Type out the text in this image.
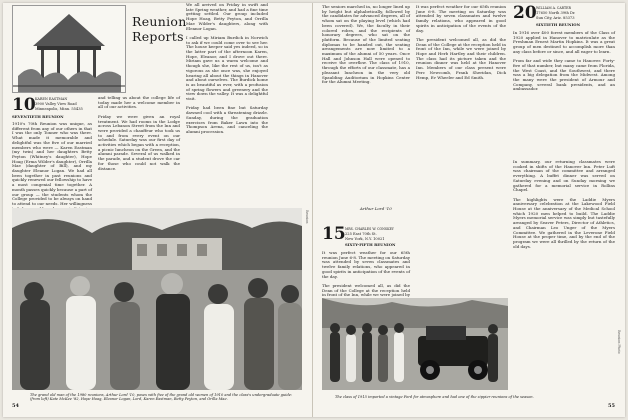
Reunion Reports
10 KAREN EASTMAN
3900 Valley View Road
Minneapolis, Minn. 55435
SEVENTIETH REUNION
1910's 70th Reunion was unique, as different from any of our others in that I was the only Tonner who was there. What made it memorable and delightful was the five of our married members who were — Karen Eastman (my twin) and her daughters Betty Peyton (Whitney's daughter), Hope Hoag (Erma Wilder's daughter), Orrilla Mae (daughter of Bill), and my daughter Eleanor Logan. We had all been together in past reunions and quickly renewed our fellowship to have a most congenial time together. A month passes quickly because a part of our group — the students whom the College provided to be always on hand to attend to our needs. Her willingness
and telling us about the college life of today made her a welcome member in all of our activities.

Friday we were given an royal treatment. We had rooms in the Lodge across Lebanon Street from the Inn and were provided a chauffeur who took us to and from every event on our schedule. Saturday was our first day of activities which began with a reception, a picnic luncheon on the Green, and the alumni parade. Several of us walked in the parade, and a student drove the car for those who could not walk the distance.
We all arrived on Friday in swift and late Spring weather, and had a fine time getting settled. Our group included Hope Hoag, Betty Peyton, and Orrilla Mae Wilder's daughters, along with Eleanor Logan.

I called up Miriam Burdick in Norwich to ask if we could come over to see her. The house keeper said yes indeed, so in the latter part of the afternoon Karen, Hope, Eleanor, and I drove out there. Miriam gave us a warm welcome and though she, like the rest of us, isn't as vigorous as she once was, she enjoyed hearing all about the things in Hanover and about ourselves. The Burdick home is as beautiful as ever, with a profusion of spring flowers and greenery and the view down the valley. It was a delightful visit.

Friday had been fine but Saturday dawned cool with a threatening drizzle. Sunday, during the graduation exercises from Baker Lawn into the Thompson Arena, and canceling the alumni procession.
Reunion
The grand old man of the 1980 reunions, Arthur Lord '10, poses with five of the grand old women of 1910 and the class's undergraduate guide: (from left) Kate McKee '82, Hope Hoag, Eleanor Logan, Lord, Karen Eastman, Betty Peyton, and Orilla Mae.
54
The seniors marched in, no longer lined up by height but alphabetically, followed by the candidates for advanced degrees, all of whom sat on the playing level (which had been covered). We, the faculty in their colored robes, and the recipients of honorary degrees, who sat on the platform. Because of the limited seating diplomas to be handed out, the seating arrangements are now limited to a maximum of the alumni of 50 years. Once Hall and Johnson Hall were opened to receive the overflow. The class of 1910, through the efforts of our classmate, has a pleasant luncheon in the very old Spaulding Auditorium in Hopkins Center for the Alumni Meeting.
Arthur Lord '10
15 MRS. CHARLES W. CONSKEY
225 East 70th St.
New York, N.Y. 10021
SIXTY-FIFTH REUNION
It was perfect weather for our 65th reunion June 6-8. The meeting on Saturday was attended by seven classmates and twelve family relations, who appeared in good spirits in anticipation of the events of the day.

The president welcomed all, as did the Dean of the College at the reception held in front of the Inn, while we were joined by
It was perfect weather for our 65th reunion June 6-8. The meeting on Saturday was attended by seven classmates and twelve family relations, who appeared in good spirits in anticipation of the events of the day.

The president welcomed all, as did the Dean of the College at the reception held in front of the Inn, while we were joined by Hope and Herb Hartley and their children. The class had its picture taken and the reunion dinner was held at the Hanover Inn. Members of our class present were Perc Newcomb, Frank Sheridan, Dick Hemp, Ev Wheeler and Ed Smith.
20 WILLIAM A. CARTER
17650 North 39th Dr.
Sun City, Ariz. 85373
SIXTIETH REUNION
In 1916 over 400 forest members of the Class of 1920 applied in Hanover to matriculate as the Freshman Ernest Martin Hopkins. It was a great group of men destined to accomplish more than any class before or since, and all eager to learn.

From far and wide they came to Hanover. Forty-five of that number, but many came from Florida, the West Coast, and the Southwest, and there was a big delegation from the Midwest. Among the many were the president of Armour and Company, several bank presidents, and an ambassador.
In summary, our returning classmates were cooked in shifts of the Hanover Inn. Peter Luft was chairman of the committee and arranged everything. A buffet dinner was served on Saturday evening and on Sunday morning we gathered for a memorial service in Rollins Chapel.

The highlights were the Laddie Myers anniversary celebration at the Lakewood Field House at the anniversary of the Medical School which 1920 men helped to build. The Laddie Myers memorial service was simply but tastefully arranged by Seaver Peters, Director of Athletics, and Chairman Leo Unger of the Myers Committee. We gathered in the Leverone Field House at the proper time, and by the end of the program we were all thrilled by the return of the old days.
Reunion Photo
The class of 1915 imported a vintage Ford for atmosphere and had one of the zippier reunions of the season.
55
